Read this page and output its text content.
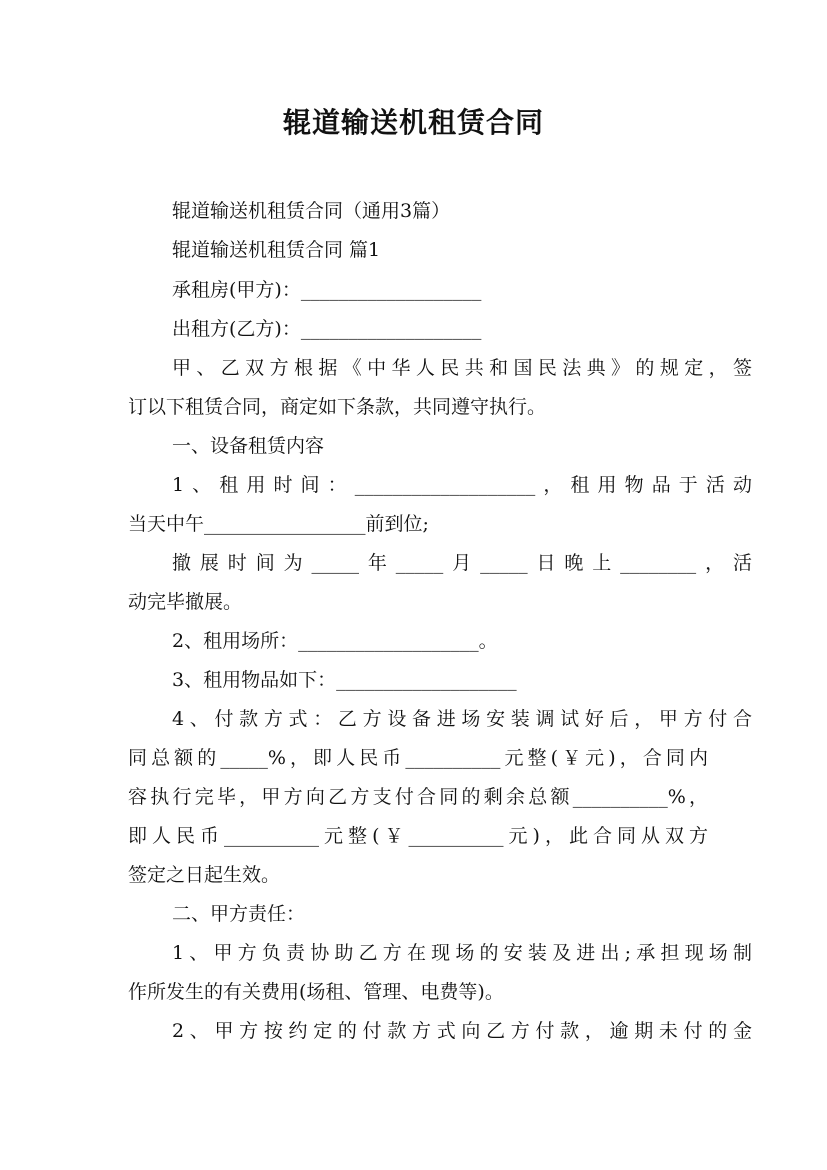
辊道输送机租赁合同
辊道输送机租赁合同（通用3篇）
辊道输送机租赁合同 篇1
承租房(甲方)：___________________
出租方(乙方)：___________________
甲、乙双方根据《中华人民共和国民法典》的规定，签
订以下租赁合同，商定如下条款，共同遵守执行。
一、设备租赁内容
1、租用时间：___________________，租用物品于活动
当天中午_________________前到位;
撤展时间为_____年_____月_____日晚上________，活
动完毕撤展。
2、租用场所：___________________。
3、租用物品如下：___________________
4、付款方式：乙方设备进场安装调试好后，甲方付合
同总额的_____%，即人民币__________元整(￥元)，合同内
容执行完毕，甲方向乙方支付合同的剩余总额__________%，
即人民币__________元整(￥__________元)，此合同从双方
签定之日起生效。
二、甲方责任：
1、甲方负责协助乙方在现场的安装及进出;承担现场制
作所发生的有关费用(场租、管理、电费等)。
2、甲方按约定的付款方式向乙方付款，逾期未付的金
